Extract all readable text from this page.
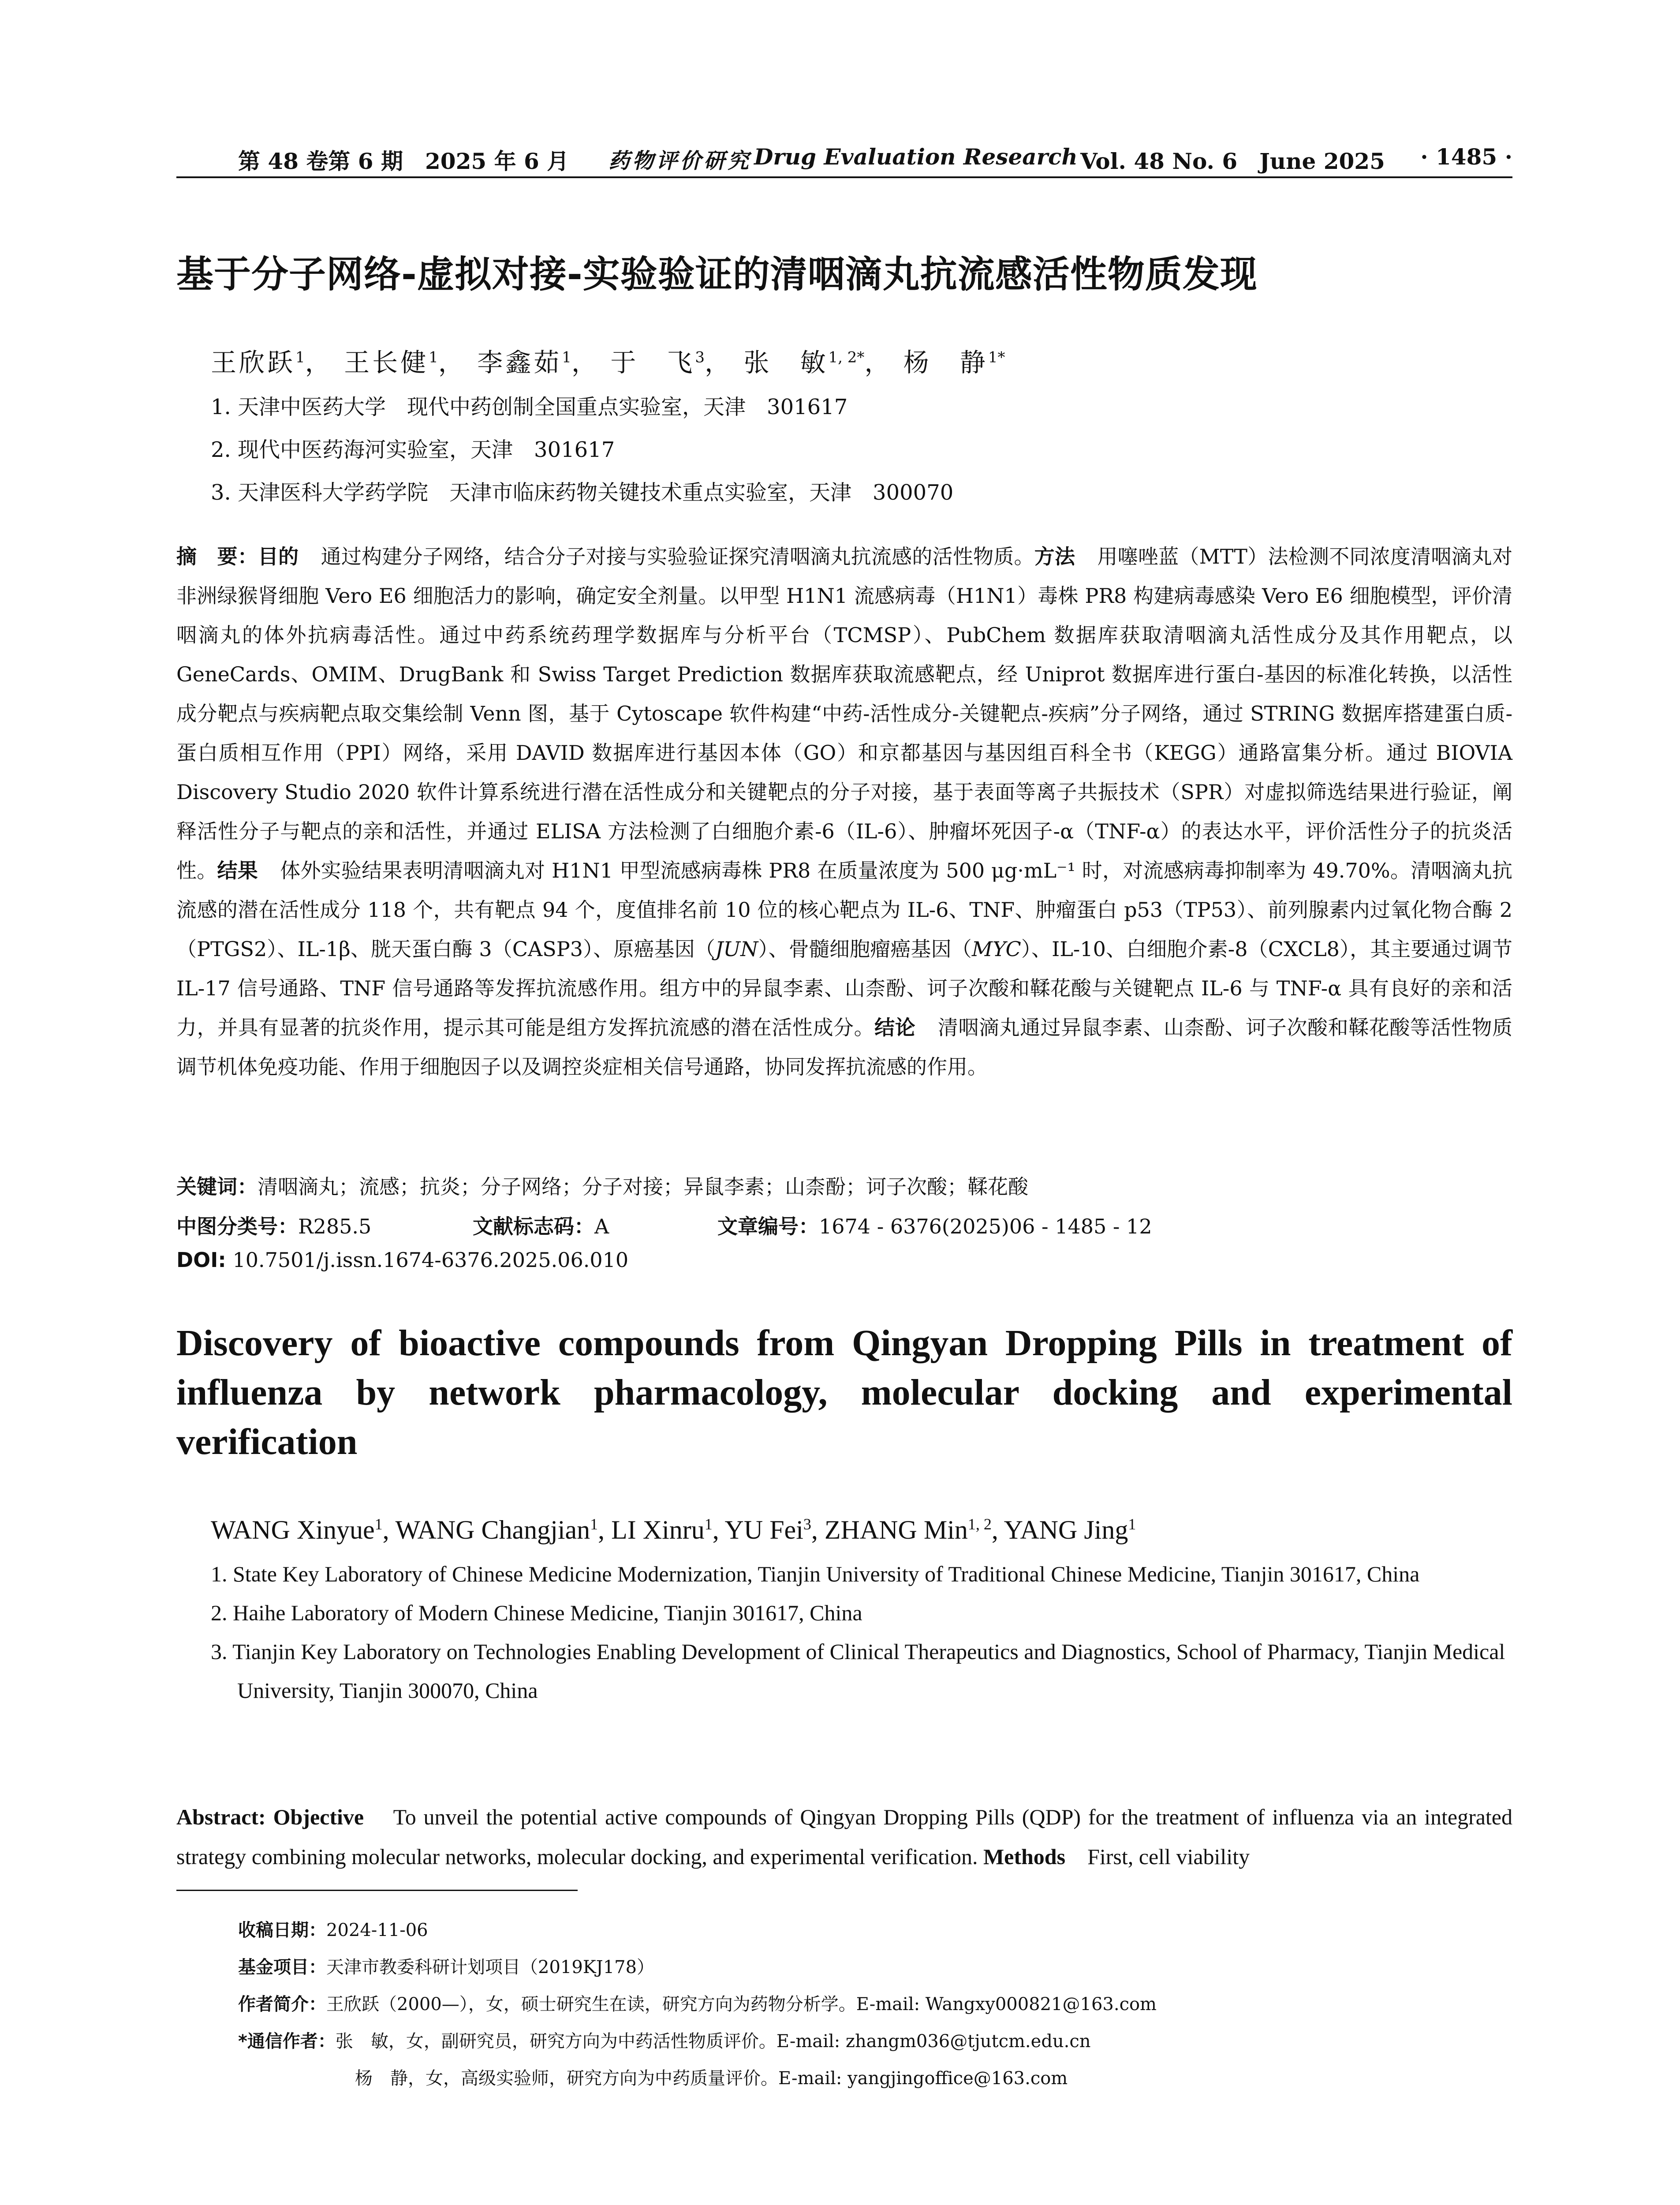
第 48 卷第 6 期　2025 年 6 月 药物评价研究 Drug Evaluation Research Vol. 48 No. 6　June 2025 · 1485 ·
基于分子网络-虚拟对接-实验验证的清咽滴丸抗流感活性物质发现
王欣跃$^1$， 王长健$^1$， 李鑫茹$^1$， 于　飞$^3$， 张　敏$^{1, 2*}$， 杨　静$^{1*}$
1. 天津中医药大学　现代中药创制全国重点实验室，天津　301617
2. 现代中医药海河实验室，天津　301617
3. 天津医科大学药学院　天津市临床药物关键技术重点实验室，天津　300070
摘　要：目的 通过构建分子网络，结合分子对接与实验验证探究清咽滴丸抗流感的活性物质。方法 用噻唑蓝（MTT）法检测不同浓度清咽滴丸对非洲绿猴肾细胞 Vero E6 细胞活力的影响，确定安全剂量。以甲型 H1N1 流感病毒（H1N1）毒株 PR8 构建病毒感染 Vero E6 细胞模型，评价清咽滴丸的体外抗病毒活性。通过中药系统药理学数据库与分析平台（TCMSP）、PubChem 数据库获取清咽滴丸活性成分及其作用靶点，以 GeneCards、OMIM、DrugBank 和 Swiss Target Prediction 数据库获取流感靶点，经 Uniprot 数据库进行蛋白-基因的标准化转换，以活性成分靶点与疾病靶点取交集绘制 Venn 图，基于 Cytoscape 软件构建“中药-活性成分-关键靶点-疾病”分子网络，通过 STRING 数据库搭建蛋白质-蛋白质相互作用（PPI）网络，采用 DAVID 数据库进行基因本体（GO）和京都基因与基因组百科全书（KEGG）通路富集分析。通过 BIOVIA Discovery Studio 2020 软件计算系统进行潜在活性成分和关键靶点的分子对接，基于表面等离子共振技术（SPR）对虚拟筛选结果进行验证，阐释活性分子与靶点的亲和活性，并通过 ELISA 方法检测了白细胞介素-6（IL-6）、肿瘤坏死因子-α（TNF-α）的表达水平，评价活性分子的抗炎活性。结果 体外实验结果表明清咽滴丸对 H1N1 甲型流感病毒株 PR8 在质量浓度为 500 μg·mL⁻¹ 时，对流感病毒抑制率为 49.70%。清咽滴丸抗流感的潜在活性成分 118 个，共有靶点 94 个，度值排名前 10 位的核心靶点为 IL-6、TNF、肿瘤蛋白 p53（TP53）、前列腺素内过氧化物合酶 2（PTGS2）、IL-1β、胱天蛋白酶 3（CASP3）、原癌基因（JUN）、骨髓细胞瘤癌基因（MYC）、IL-10、白细胞介素-8（CXCL8），其主要通过调节 IL-17 信号通路、TNF 信号通路等发挥抗流感作用。组方中的异鼠李素、山柰酚、诃子次酸和鞣花酸与关键靶点 IL-6 与 TNF-α 具有良好的亲和活力，并具有显著的抗炎作用，提示其可能是组方发挥抗流感的潜在活性成分。结论 清咽滴丸通过异鼠李素、山柰酚、诃子次酸和鞣花酸等活性物质调节机体免疫功能、作用于细胞因子以及调控炎症相关信号通路，协同发挥抗流感的作用。
关键词：清咽滴丸；流感；抗炎；分子网络；分子对接；异鼠李素；山柰酚；诃子次酸；鞣花酸
中图分类号：R285.5	文献标志码：A	文章编号：1674 - 6376(2025)06 - 1485 - 12
DOI: 10.7501/j.issn.1674-6376.2025.06.010
Discovery of bioactive compounds from Qingyan Dropping Pills in treatment of influenza by network pharmacology, molecular docking and experimental verification
WANG Xinyue$^1$, WANG Changjian$^1$, LI Xinru$^1$, YU Fei$^3$, ZHANG Min$^{1, 2}$, YANG Jing$^1$
1. State Key Laboratory of Chinese Medicine Modernization, Tianjin University of Traditional Chinese Medicine, Tianjin 301617, China
2. Haihe Laboratory of Modern Chinese Medicine, Tianjin 301617, China
3. Tianjin Key Laboratory on Technologies Enabling Development of Clinical Therapeutics and Diagnostics, School of Pharmacy, Tianjin Medical University, Tianjin 300070, China
Abstract: Objective To unveil the potential active compounds of Qingyan Dropping Pills (QDP) for the treatment of influenza via an integrated strategy combining molecular networks, molecular docking, and experimental verification. Methods First, cell viability
收稿日期：2024-11-06
基金项目：天津市教委科研计划项目（2019KJ178）
作者简介：王欣跃（2000—），女，硕士研究生在读，研究方向为药物分析学。E-mail: Wangxy000821@163.com
*通信作者：张　敏，女，副研究员，研究方向为中药活性物质评价。E-mail: zhangm036@tjutcm.edu.cn
杨　静，女，高级实验师，研究方向为中药质量评价。E-mail: yangjingoffice@163.com
